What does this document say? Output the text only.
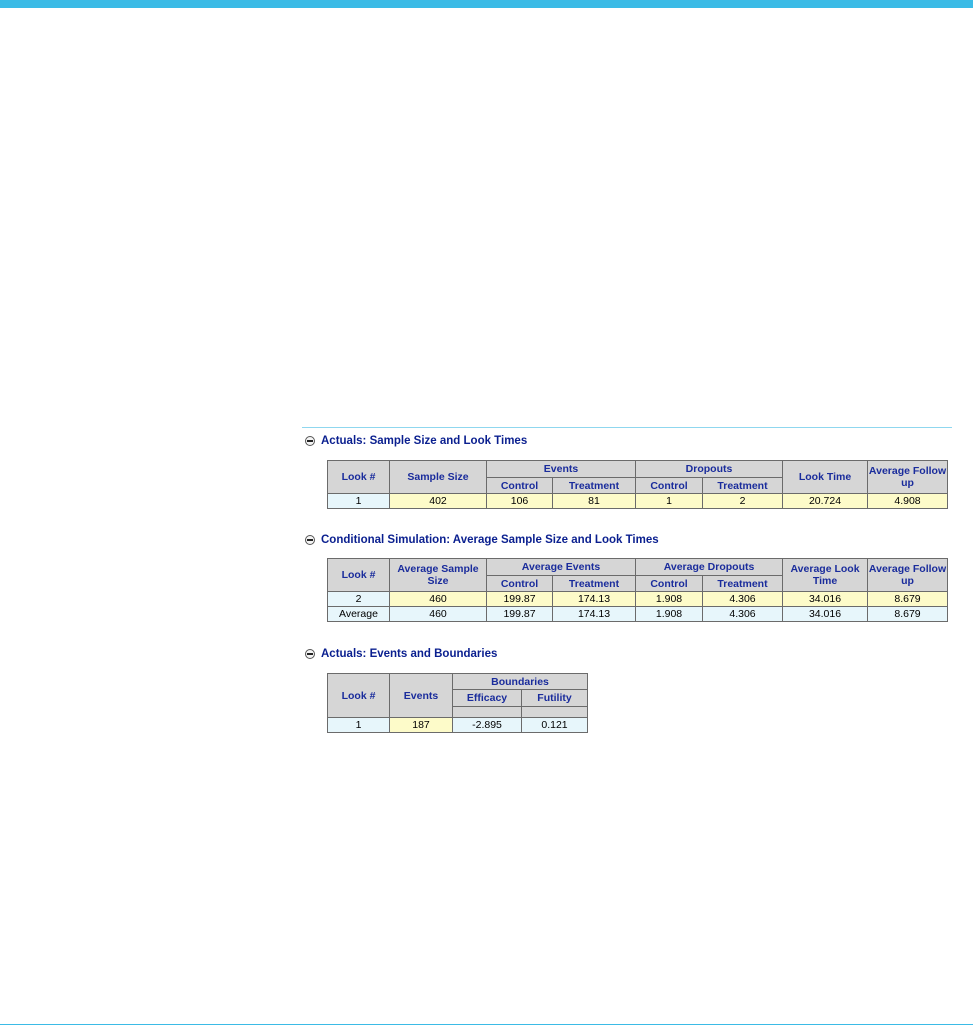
Actuals: Sample Size and Look Times
Look #	Sample Size	Events		Dropouts		Look Time	Average Follow up
		Control	Treatment	Control	Treatment		
1	402	106	81	1	2	20.724	4.908
Conditional Simulation: Average Sample Size and Look Times
Look #	Average Sample Size	Average Events		Average Dropouts		Average Look Time	Average Follow up
		Control	Treatment	Control	Treatment		
2	460	199.87	174.13	1.908	4.306	34.016	8.679
Average	460	199.87	174.13	1.908	4.306	34.016	8.679
Actuals: Events and Boundaries
Look #	Events	Boundaries	
		Efficacy	Futility

1	187	-2.895	0.121
